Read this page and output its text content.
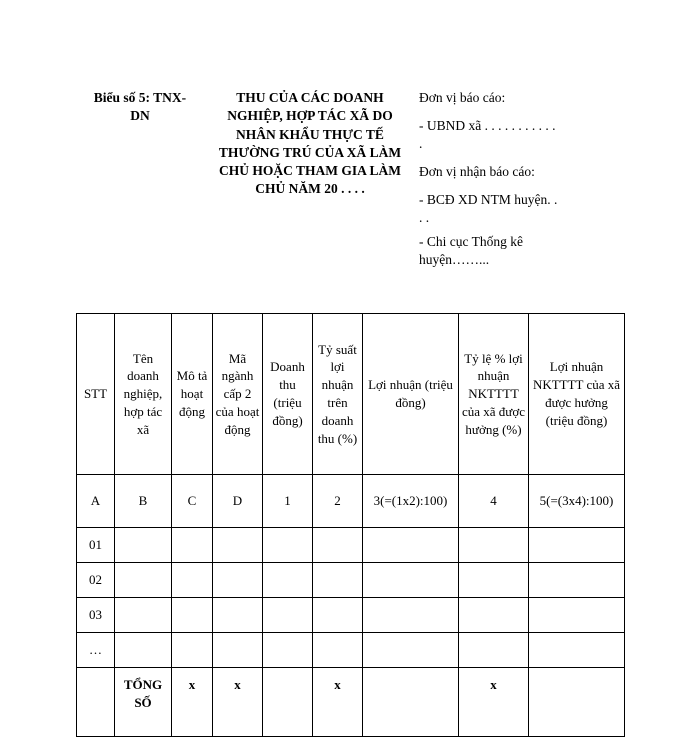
Biểu số 5: TNX-DN
THU CỦA CÁC DOANH NGHIỆP, HỢP TÁC XÃ DO NHÂN KHẨU THỰC TẾ THƯỜNG TRÚ CỦA XÃ LÀM CHỦ HOẶC THAM GIA LÀM CHỦ NĂM 20 . . . .

Đơn vị báo cáo:

- UBND xã . . . . . . . . . . . .

Đơn vị nhận báo cáo:

- BCĐ XD NTM huyện. . . .

- Chi cục Thống kê huyện……...

STT	Tên doanh nghiệp, hợp tác xã	Mô tả hoạt động	Mã ngành cấp 2 của hoạt động	Doanh thu (triệu đồng)	Tỷ suất lợi nhuận trên doanh thu (%)	Lợi nhuận (triệu đồng)	Tỷ lệ % lợi nhuận NKTTTT của xã được hưởng (%)	Lợi nhuận NKTTTT của xã được hưởng (triệu đồng)
A	B	C	D	1	2	3(=(1x2):100)	4	5(=(3x4):100)
01								
02								
03								
…								
	TỔNG SỐ	x	x		x		x	
